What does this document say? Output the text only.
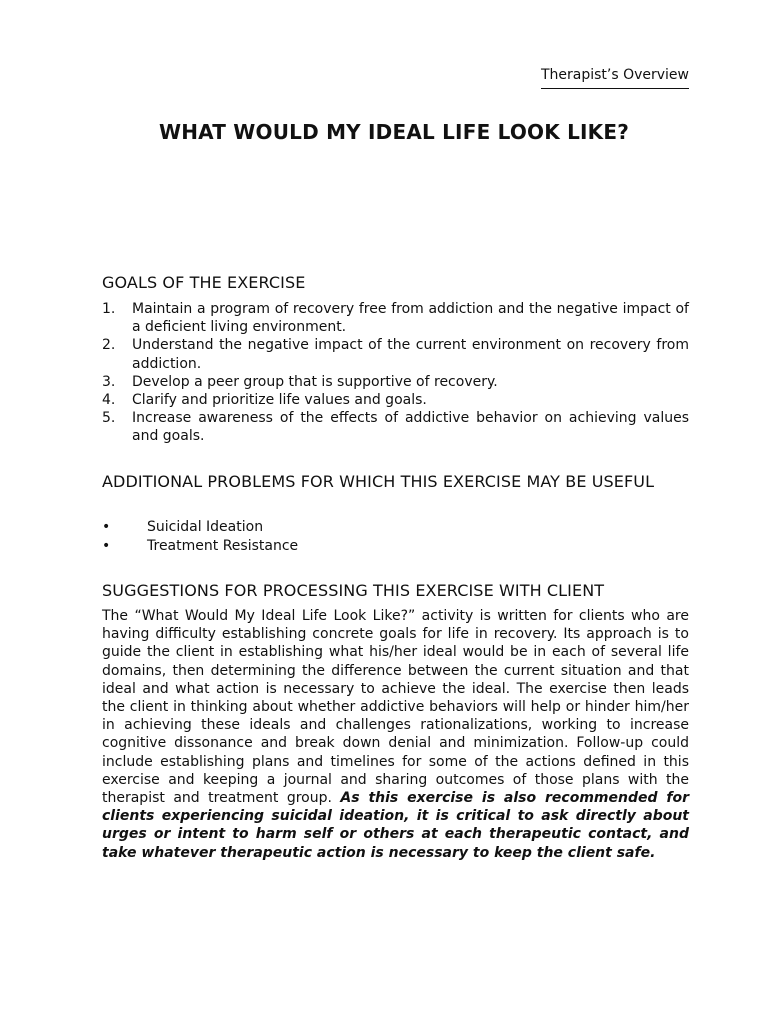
Therapist’s Overview
WHAT WOULD MY IDEAL LIFE LOOK LIKE?
GOALS OF THE EXERCISE
1. Maintain a program of recovery free from addiction and the negative impact of a deficient living environment.
2. Understand the negative impact of the current environment on recovery from addiction.
3. Develop a peer group that is supportive of recovery.
4. Clarify and prioritize life values and goals.
5. Increase awareness of the effects of addictive behavior on achieving values and goals.
ADDITIONAL PROBLEMS FOR WHICH THIS EXERCISE MAY BE USEFUL
•	Suicidal Ideation
•	Treatment Resistance
SUGGESTIONS FOR PROCESSING THIS EXERCISE WITH CLIENT

The “What Would My Ideal Life Look Like?” activity is written for clients who are having difficulty establishing concrete goals for life in recovery. Its approach is to guide the client in establishing what his/her ideal would be in each of several life domains, then determining the difference between the current situation and that ideal and what action is necessary to achieve the ideal. The exercise then leads the client in thinking about whether addictive behaviors will help or hinder him/her in achieving these ideals and challenges rationalizations, working to increase cognitive dissonance and break down denial and minimization. Follow-up could include establishing plans and timelines for some of the actions defined in this exercise and keeping a journal and sharing outcomes of those plans with the therapist and treatment group. As this exercise is also recommended for clients experiencing suicidal ideation, it is critical to ask directly about urges or intent to harm self or others at each therapeutic contact, and take whatever therapeutic action is necessary to keep the client safe.
